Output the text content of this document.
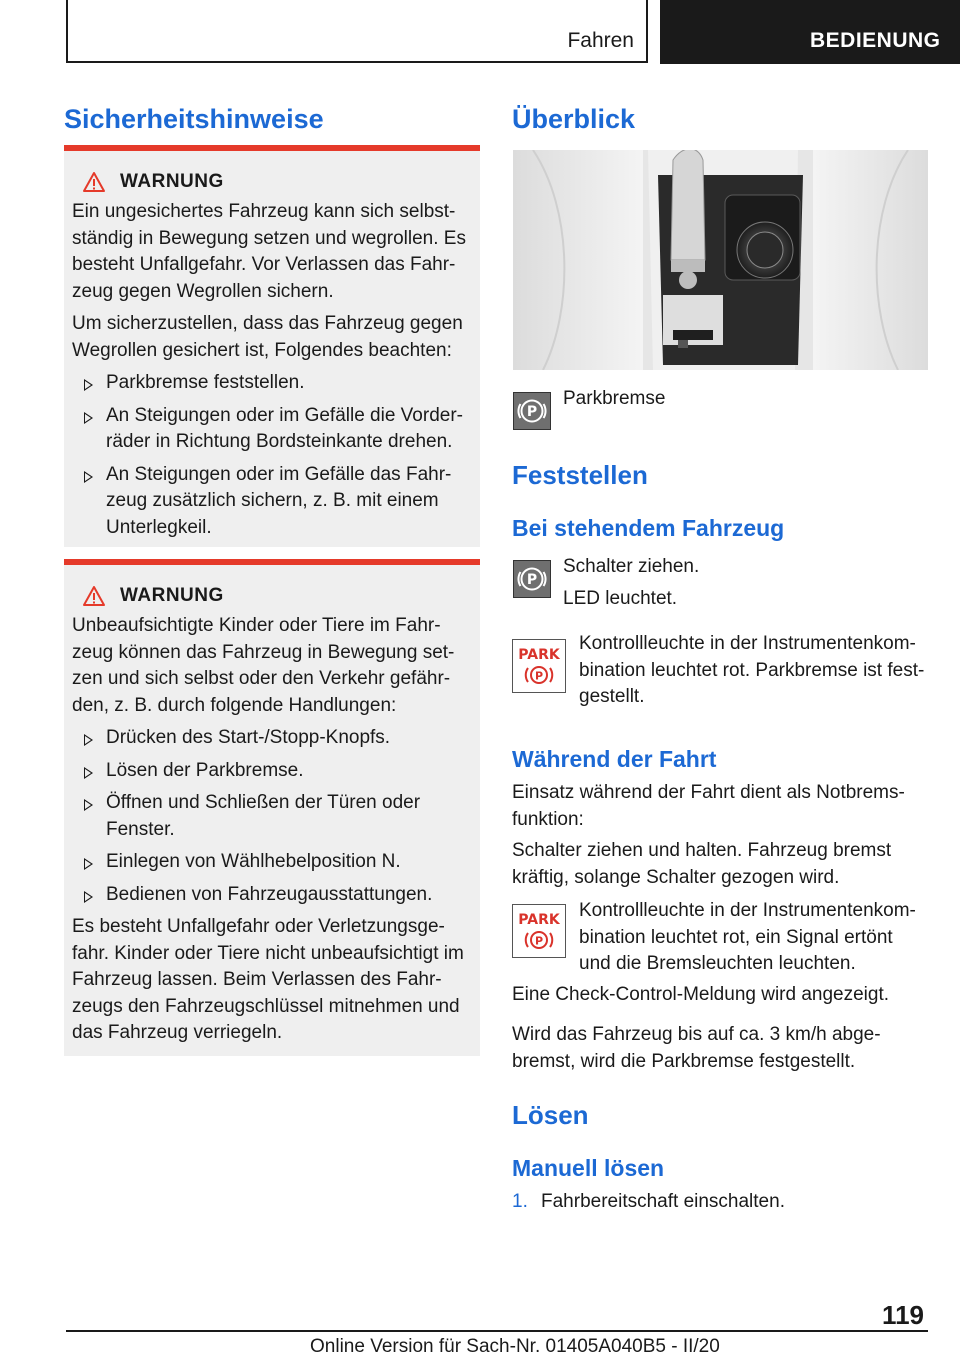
Fahren	BEDIENUNG
Sicherheitshinweise
WARNUNG

Ein ungesichertes Fahrzeug kann sich selbst-ständig in Bewegung setzen und wegrollen. Es besteht Unfallgefahr. Vor Verlassen das Fahr-zeug gegen Wegrollen sichern.

Um sicherzustellen, dass das Fahrzeug gegen Wegrollen gesichert ist, Folgendes beachten:

Parkbremse feststellen.
An Steigungen oder im Gefälle die Vorder-räder in Richtung Bordsteinkante drehen.
An Steigungen oder im Gefälle das Fahr-zeug zusätzlich sichern, z. B. mit einem Unterlegkeil.
WARNUNG

Unbeaufsichtigte Kinder oder Tiere im Fahr-zeug können das Fahrzeug in Bewegung set-zen und sich selbst oder den Verkehr gefähr-den, z. B. durch folgende Handlungen:

Drücken des Start-/Stopp-Knopfs.
Lösen der Parkbremse.
Öffnen und Schließen der Türen oder Fenster.
Einlegen von Wählhebelposition N.
Bedienen von Fahrzeugausstattungen.

Es besteht Unfallgefahr oder Verletzungsge-fahr. Kinder oder Tiere nicht unbeaufsichtigt im Fahrzeug lassen. Beim Verlassen des Fahr-zeugs den Fahrzeugschlüssel mitnehmen und das Fahrzeug verriegeln.

Überblick
P
Parkbremse
Feststellen
Bei stehendem Fahrzeug
P
Schalter ziehen.
LED leuchtet.
PARK
P
Kontrollleuchte in der Instrumentenkom-bination leuchtet rot. Parkbremse ist fest-gestellt.
Während der Fahrt
Einsatz während der Fahrt dient als Notbrems-funktion:
Schalter ziehen und halten. Fahrzeug bremst kräftig, solange Schalter gezogen wird.
PARK
P
Kontrollleuchte in der Instrumentenkom-bination leuchtet rot, ein Signal ertönt und die Bremsleuchten leuchten.
Eine Check-Control-Meldung wird angezeigt.
Wird das Fahrzeug bis auf ca. 3 km/h abge-bremst, wird die Parkbremse festgestellt.
Lösen
Manuell lösen
1. Fahrbereitschaft einschalten.
119
Online Version für Sach-Nr. 01405A040B5 - II/20
